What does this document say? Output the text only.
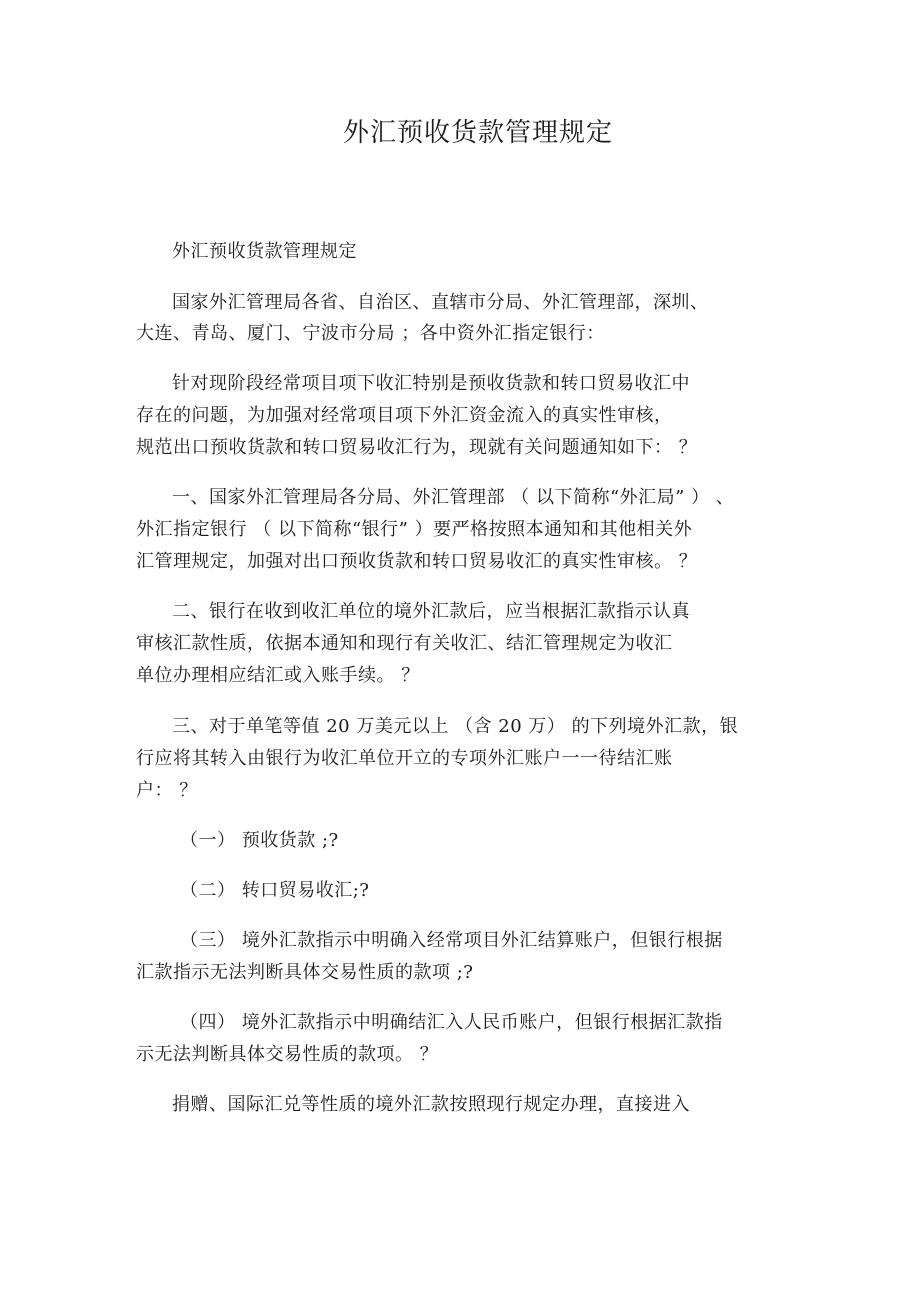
外汇预收货款管理规定
外汇预收货款管理规定
国家外汇管理局各省、自治区、直辖市分局、外汇管理部，深圳、
大连、青岛、厦门、宁波市分局 ；各中资外汇指定银行：
针对现阶段经常项目项下收汇特别是预收货款和转口贸易收汇中
存在的问题，为加强对经常项目项下外汇资金流入的真实性审核，
规范出口预收货款和转口贸易收汇行为，现就有关问题通知如下： ？
一、国家外汇管理局各分局、外汇管理部 （ 以下简称“外汇局” ） 、
外汇指定银行 （ 以下简称“银行” ）要严格按照本通知和其他相关外
汇管理规定，加强对出口预收货款和转口贸易收汇的真实性审核。 ？
二、银行在收到收汇单位的境外汇款后，应当根据汇款指示认真
审核汇款性质，依据本通知和现行有关收汇、结汇管理规定为收汇
单位办理相应结汇或入账手续。 ？
三、对于单笔等值 20 万美元以上 （含 20 万） 的下列境外汇款，银
行应将其转入由银行为收汇单位开立的专项外汇账户一一待结汇账
户： ？
（一） 预收货款 ;?
（二） 转口贸易收汇;?
（三） 境外汇款指示中明确入经常项目外汇结算账户，但银行根据
汇款指示无法判断具体交易性质的款项 ;?
（四） 境外汇款指示中明确结汇入人民币账户，但银行根据汇款指
示无法判断具体交易性质的款项。 ？
捐赠、国际汇兑等性质的境外汇款按照现行规定办理，直接进入
